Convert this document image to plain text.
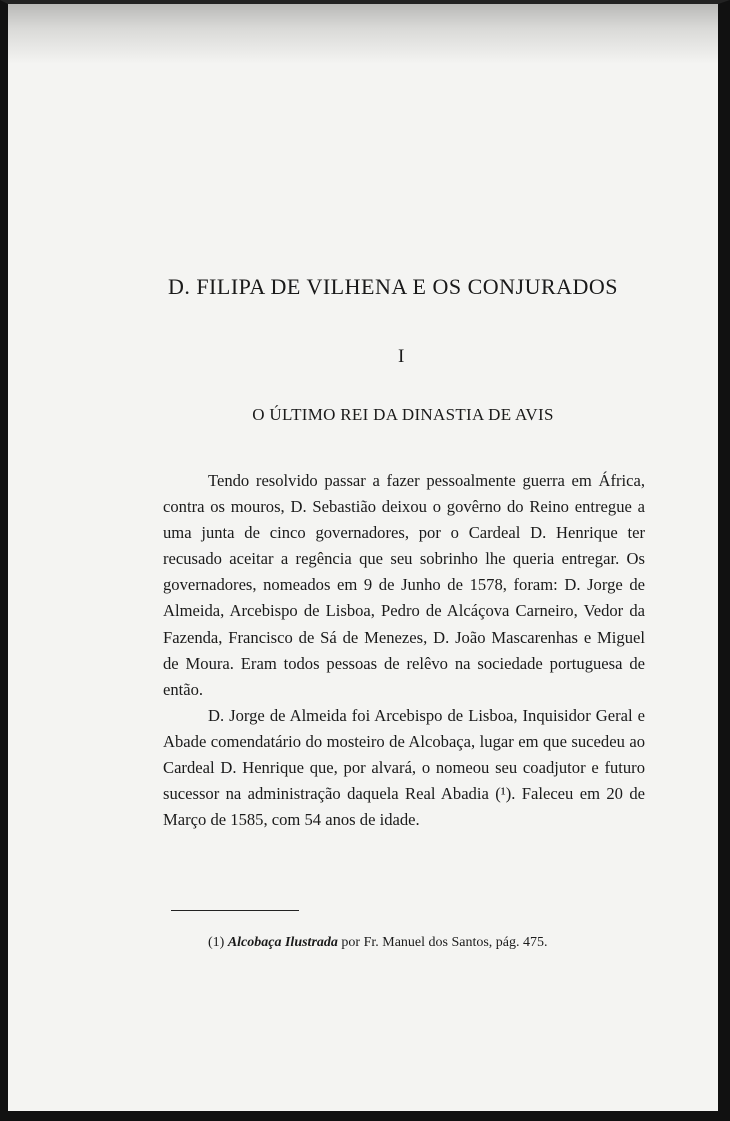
D. FILIPA DE VILHENA E OS CONJURADOS
I
O ÚLTIMO REI DA DINASTIA DE AVIS

Tendo resolvido passar a fazer pessoalmente guerra em África, contra os mouros, D. Sebastião deixou o govêrno do Reino entregue a uma junta de cinco governadores, por o Cardeal D. Henrique ter recusado aceitar a regência que seu sobrinho lhe queria entregar. Os governadores, nomeados em 9 de Junho de 1578, foram: D. Jorge de Almeida, Arcebispo de Lisboa, Pedro de Alcáçova Carneiro, Vedor da Fazenda, Francisco de Sá de Menezes, D. João Mascarenhas e Miguel de Moura. Eram todos pessoas de relêvo na sociedade portuguesa de então.

D. Jorge de Almeida foi Arcebispo de Lisboa, Inquisidor Geral e Abade comendatário do mosteiro de Alcobaça, lugar em que sucedeu ao Cardeal D. Henrique que, por alvará, o nomeou seu coadjutor e futuro sucessor na administração daquela Real Abadia (¹). Faleceu em 20 de Março de 1585, com 54 anos de idade.

(1) Alcobaça Ilustrada por Fr. Manuel dos Santos, pág. 475.
